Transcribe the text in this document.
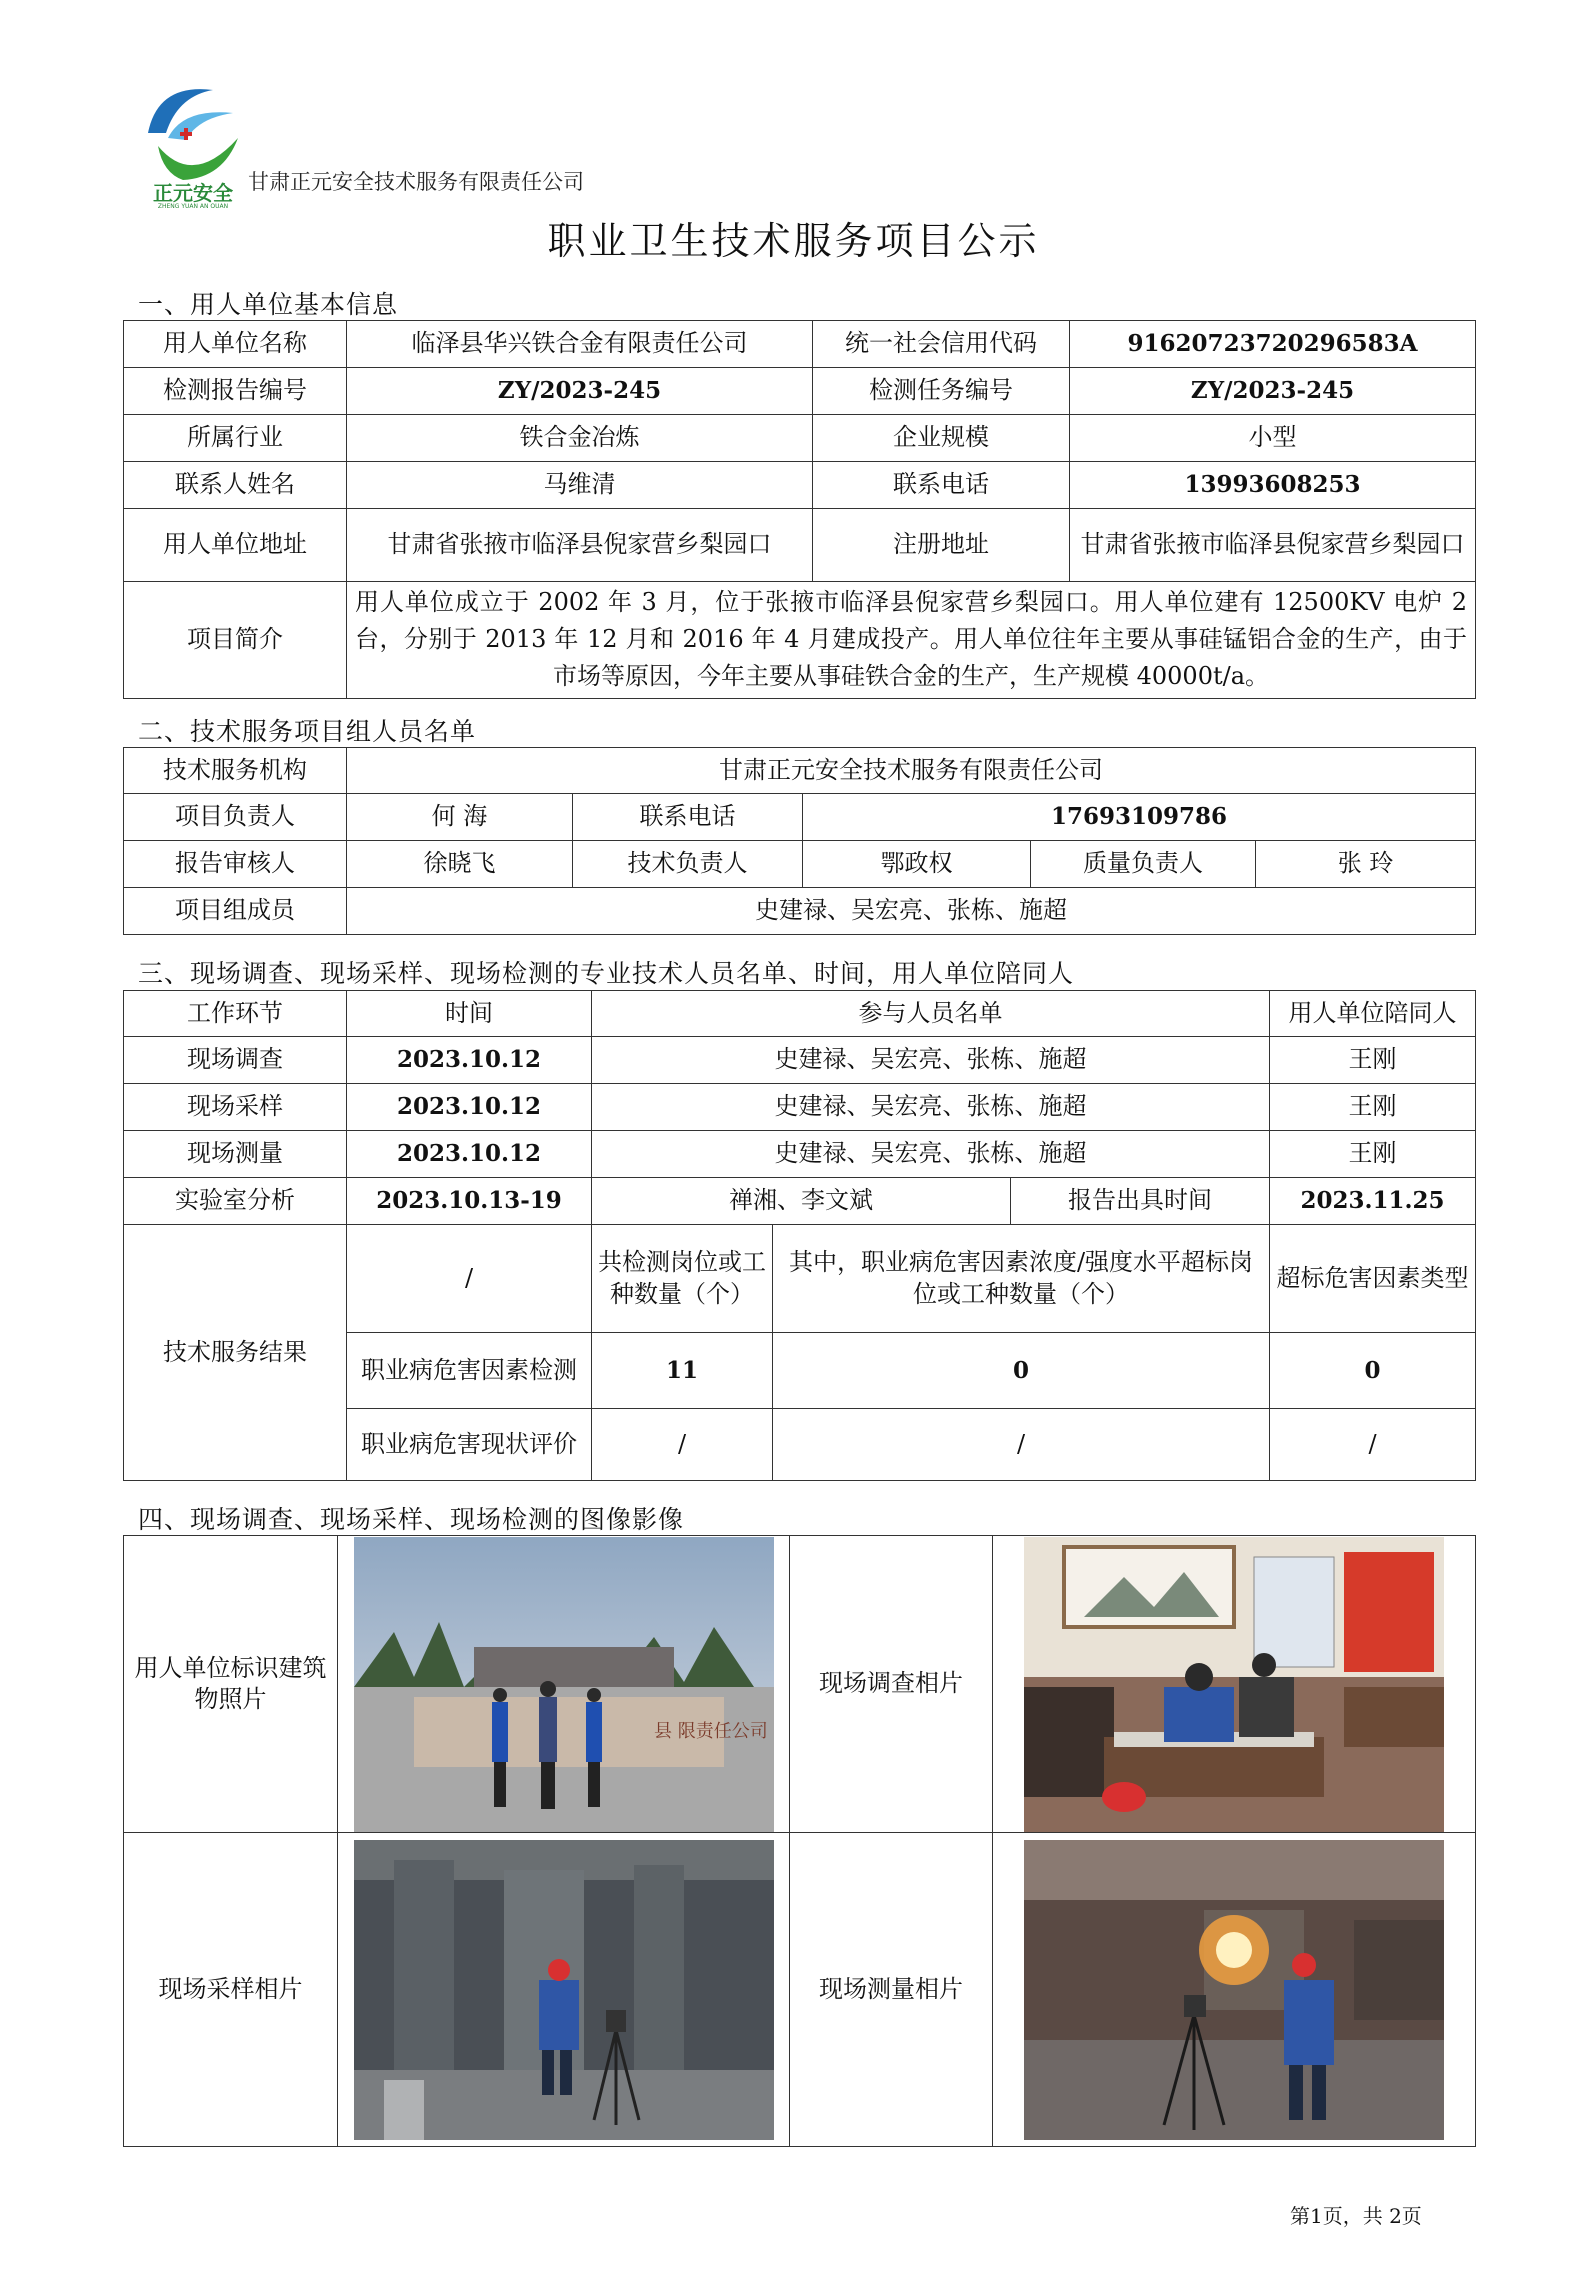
正元安全
ZHENG YUAN AN QUAN
甘肃正元安全技术服务有限责任公司
职业卫生技术服务项目公示
一、用人单位基本信息
用人单位名称	临泽县华兴铁合金有限责任公司	统一社会信用代码	91620723720296583A
检测报告编号	ZY/2023-245	检测任务编号	ZY/2023-245
所属行业	铁合金冶炼	企业规模	小型
联系人姓名	马维清	联系电话	13993608253
用人单位地址	甘肃省张掖市临泽县倪家营乡梨园口	注册地址	甘肃省张掖市临泽县倪家营乡梨园口
项目简介	用人单位成立于 2002 年 3 月，位于张掖市临泽县倪家营乡梨园口。用人单位建有 12500KV 电炉 2 台，分别于 2013 年 12 月和 2016 年 4 月建成投产。用人单位往年主要从事硅锰铝合金的生产，由于市场等原因，今年主要从事硅铁合金的生产，生产规模 40000t/a。		
二、技术服务项目组人员名单
技术服务机构	甘肃正元安全技术服务有限责任公司				
项目负责人	何 海	联系电话	17693109786		
报告审核人	徐晓飞	技术负责人	鄂政权	质量负责人	张 玲
项目组成员	史建禄、吴宏亮、张栋、施超				
三、现场调查、现场采样、现场检测的专业技术人员名单、时间，用人单位陪同人
工作环节	时间	参与人员名单			用人单位陪同人
现场调查	2023.10.12	史建禄、吴宏亮、张栋、施超			王刚
现场采样	2023.10.12	史建禄、吴宏亮、张栋、施超			王刚
现场测量	2023.10.12	史建禄、吴宏亮、张栋、施超			王刚
实验室分析	2023.10.13-19	禅湘、李文斌		报告出具时间	2023.11.25
技术服务结果	/	共检测岗位或工种数量（个）	其中，职业病危害因素浓度/强度水平超标岗位或工种数量（个）		超标危害因素类型
	职业病危害因素检测	11	0		0
	职业病危害现状评价	/	/		/
四、现场调查、现场采样、现场检测的图像影像
用人单位标识建筑物照片	县 限责任公司	现场调查相片	

现场采样相片		现场测量相片	
第1页，共 2页
